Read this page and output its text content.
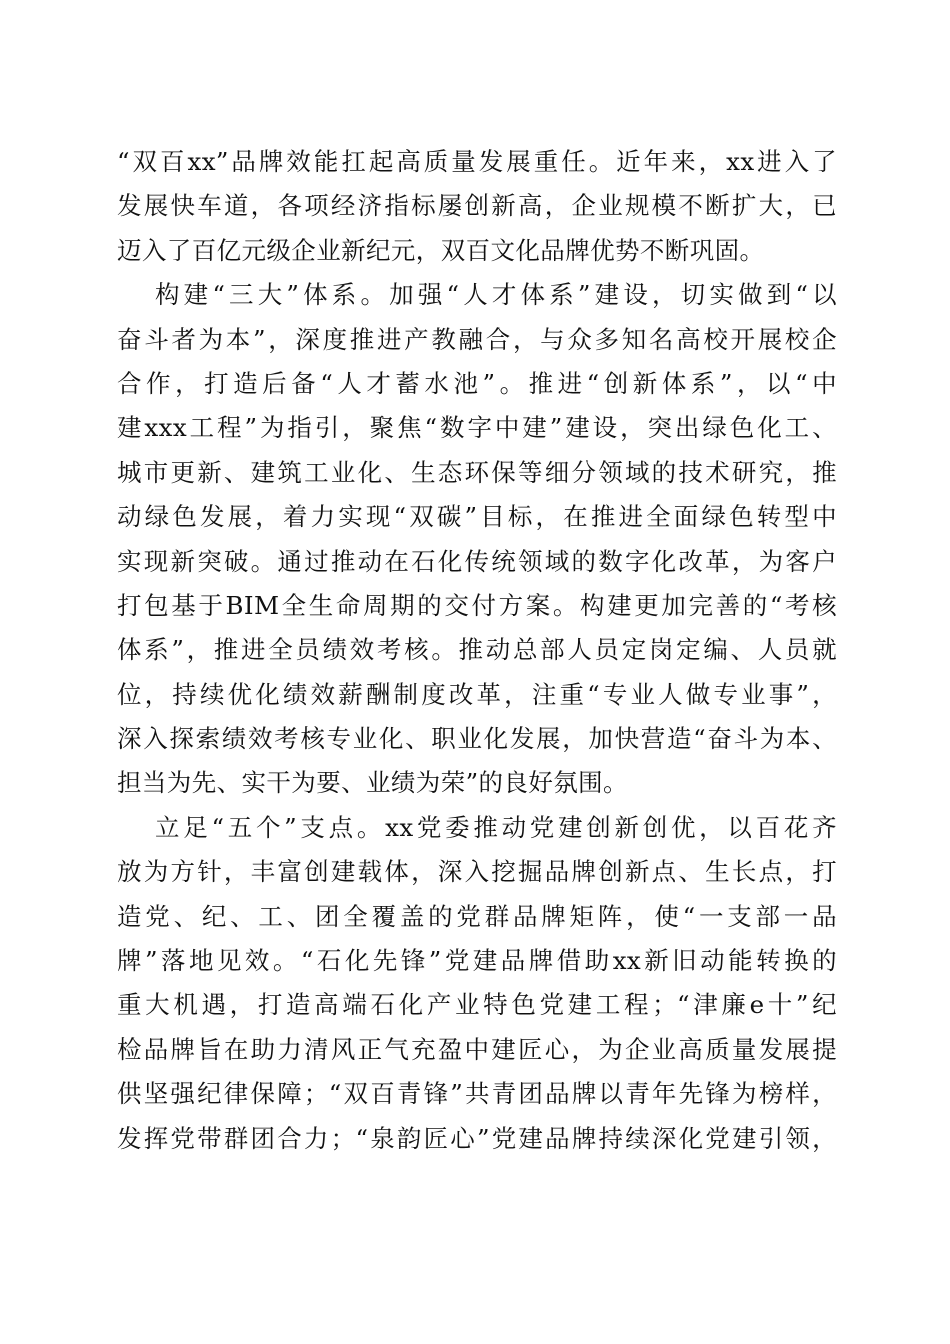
“双百xx”品牌效能扛起高质量发展重任。近年来，xx进入了
发展快车道，各项经济指标屡创新高，企业规模不断扩大，已
迈入了百亿元级企业新纪元，双百文化品牌优势不断巩固。
构建“三大”体系。加强“人才体系”建设，切实做到“以
奋斗者为本”，深度推进产教融合，与众多知名高校开展校企
合作，打造后备“人才蓄水池”。推进“创新体系”，以“中
建xxx工程”为指引，聚焦“数字中建”建设，突出绿色化工、
城市更新、建筑工业化、生态环保等细分领域的技术研究，推
动绿色发展，着力实现“双碳”目标，在推进全面绿色转型中
实现新突破。通过推动在石化传统领域的数字化改革，为客户
打包基于BIM全生命周期的交付方案。构建更加完善的“考核
体系”，推进全员绩效考核。推动总部人员定岗定编、人员就
位，持续优化绩效薪酬制度改革，注重“专业人做专业事”，
深入探索绩效考核专业化、职业化发展，加快营造“奋斗为本、
担当为先、实干为要、业绩为荣”的良好氛围。
立足“五个”支点。xx党委推动党建创新创优，以百花齐
放为方针，丰富创建载体，深入挖掘品牌创新点、生长点，打
造党、纪、工、团全覆盖的党群品牌矩阵，使“一支部一品
牌”落地见效。“石化先锋”党建品牌借助xx新旧动能转换的
重大机遇，打造高端石化产业特色党建工程；“津廉e十”纪
检品牌旨在助力清风正气充盈中建匠心，为企业高质量发展提
供坚强纪律保障；“双百青锋”共青团品牌以青年先锋为榜样，
发挥党带群团合力；“泉韵匠心”党建品牌持续深化党建引领，
